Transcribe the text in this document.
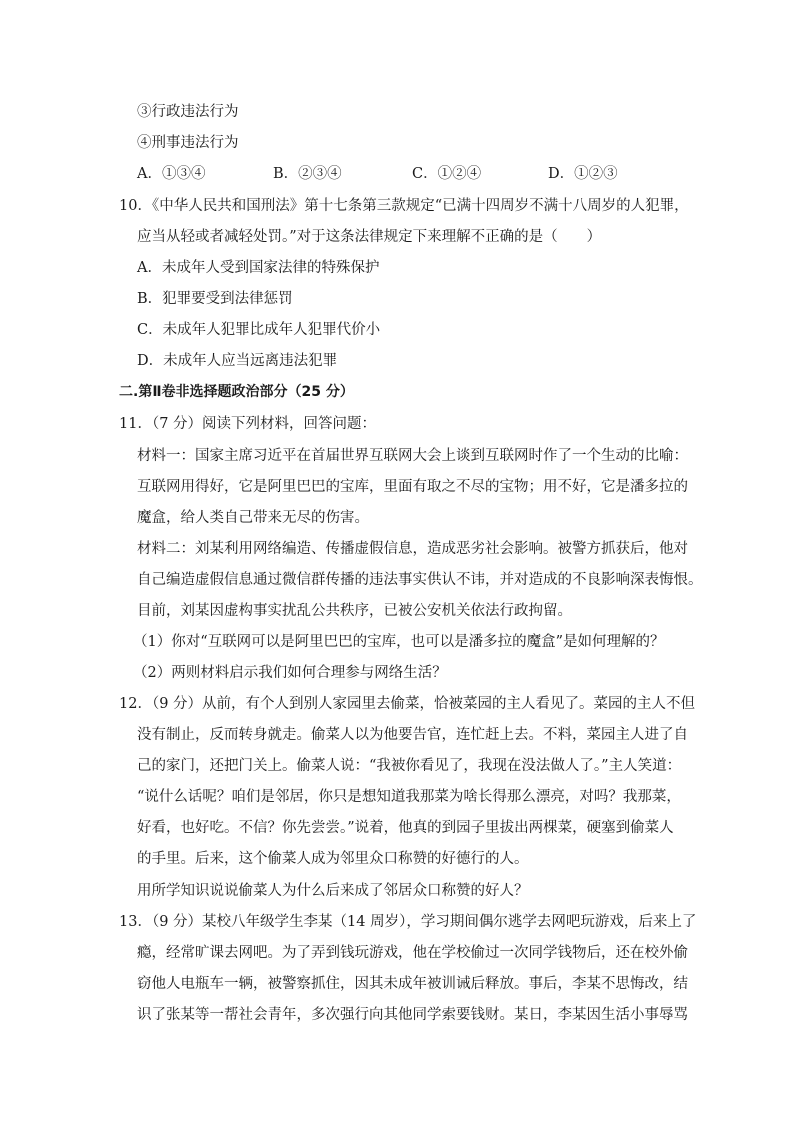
③行政违法行为
④刑事违法行为
A．①③④	B．②③④	C．①②④	D．①②③
10．《中华人民共和国刑法》第十七条第三款规定“已满十四周岁不满十八周岁的人犯罪，
应当从轻或者减轻处罚。”对于这条法律规定下来理解不正确的是（　　）
A．未成年人受到国家法律的特殊保护
B．犯罪要受到法律惩罚
C．未成年人犯罪比成年人犯罪代价小
D．未成年人应当远离违法犯罪
二.第Ⅱ卷非选择题政治部分（25 分）
11．（7 分）阅读下列材料，回答问题：
材料一：国家主席习近平在首届世界互联网大会上谈到互联网时作了一个生动的比喻：
互联网用得好，它是阿里巴巴的宝库，里面有取之不尽的宝物；用不好，它是潘多拉的
魔盒，给人类自己带来无尽的伤害。
材料二：刘某利用网络编造、传播虚假信息，造成恶劣社会影响。被警方抓获后，他对
自己编造虚假信息通过微信群传播的违法事实供认不讳，并对造成的不良影响深表悔恨。
目前，刘某因虚构事实扰乱公共秩序，已被公安机关依法行政拘留。
（1）你对“互联网可以是阿里巴巴的宝库，也可以是潘多拉的魔盒”是如何理解的？
（2）两则材料启示我们如何合理参与网络生活？
12．（9 分）从前，有个人到别人家园里去偷菜，恰被菜园的主人看见了。菜园的主人不但
没有制止，反而转身就走。偷菜人以为他要告官，连忙赶上去。不料，菜园主人进了自
己的家门，还把门关上。偷菜人说：“我被你看见了，我现在没法做人了。”主人笑道：
“说什么话呢？咱们是邻居，你只是想知道我那菜为啥长得那么漂亮，对吗？我那菜，
好看，也好吃。不信？你先尝尝。”说着，他真的到园子里拔出两棵菜，硬塞到偷菜人
的手里。后来，这个偷菜人成为邻里众口称赞的好德行的人。
用所学知识说说偷菜人为什么后来成了邻居众口称赞的好人？
13．（9 分）某校八年级学生李某（14 周岁），学习期间偶尔逃学去网吧玩游戏，后来上了
瘾，经常旷课去网吧。为了弄到钱玩游戏，他在学校偷过一次同学钱物后，还在校外偷
窃他人电瓶车一辆，被警察抓住，因其未成年被训诫后释放。事后，李某不思悔改，结
识了张某等一帮社会青年，多次强行向其他同学索要钱财。某日，李某因生活小事辱骂
